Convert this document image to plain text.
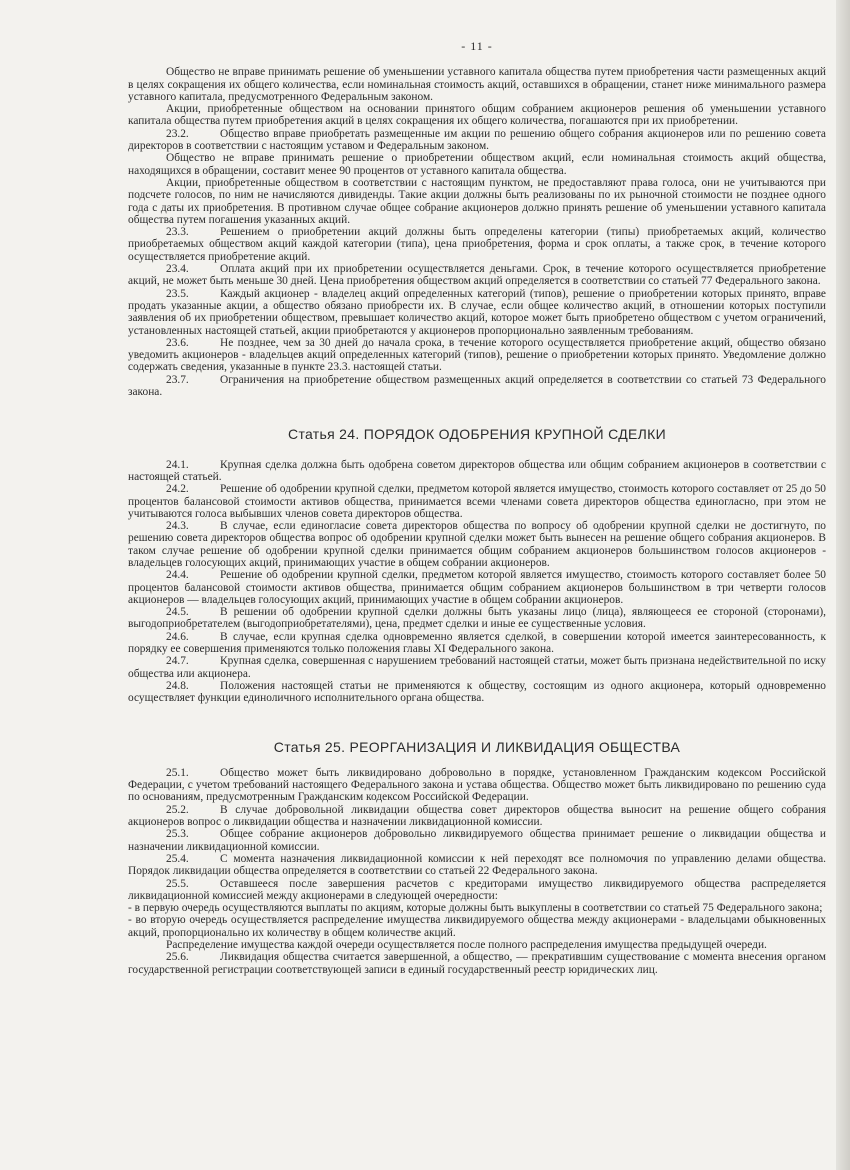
- 11 -

Общество не вправе принимать решение об уменьшении уставного капитала общества путем приобретения части размещенных акций в целях сокращения их общего количества, если номинальная стоимость акций, оставшихся в обращении, станет ниже минимального размера уставного капитала, предусмотренного Федеральным законом.

Акции, приобретенные обществом на основании принятого общим собранием акционеров решения об уменьшении уставного капитала общества путем приобретения акций в целях сокращения их общего количества, погашаются при их приобретении.

23.2.	Общество вправе приобретать размещенные им акции по решению общего собрания акционеров или по решению совета директоров в соответствии с настоящим уставом и Федеральным законом.

Общество не вправе принимать решение о приобретении обществом акций, если номинальная стоимость акций общества, находящихся в обращении, составит менее 90 процентов от уставного капитала общества.

Акции, приобретенные обществом в соответствии с настоящим пунктом, не предоставляют права голоса, они не учитываются при подсчете голосов, по ним не начисляются дивиденды. Такие акции должны быть реализованы по их рыночной стоимости не позднее одного года с даты их приобретения. В противном случае общее собрание акционеров должно принять решение об уменьшении уставного капитала общества путем погашения указанных акций.

23.3.	Решением о приобретении акций должны быть определены категории (типы) приобретаемых акций, количество приобретаемых обществом акций каждой категории (типа), цена приобретения, форма и срок оплаты, а также срок, в течение которого осуществляется приобретение акций.

23.4.	Оплата акций при их приобретении осуществляется деньгами. Срок, в течение которого осуществляется приобретение акций, не может быть меньше 30 дней. Цена приобретения обществом акций определяется в соответствии со статьей 77 Федерального закона.

23.5.	Каждый акционер - владелец акций определенных категорий (типов), решение о приобретении которых принято, вправе продать указанные акции, а общество обязано приобрести их. В случае, если общее количество акций, в отношении которых поступили заявления об их приобретении обществом, превышает количество акций, которое может быть приобретено обществом с учетом ограничений, установленных настоящей статьей, акции приобретаются у акционеров пропорционально заявленным требованиям.

23.6.	Не позднее, чем за 30 дней до начала срока, в течение которого осуществляется приобретение акций, общество обязано уведомить акционеров - владельцев акций определенных категорий (типов), решение о приобретении которых принято. Уведомление должно содержать сведения, указанные в пункте 23.3. настоящей статьи.

23.7.	Ограничения на приобретение обществом размещенных акций определяется в соответствии со статьей 73 Федерального закона.

Статья 24. ПОРЯДОК ОДОБРЕНИЯ КРУПНОЙ СДЕЛКИ

24.1.	Крупная сделка должна быть одобрена советом директоров общества или общим собранием акционеров в соответствии с настоящей статьей.

24.2.	Решение об одобрении крупной сделки, предметом которой является имущество, стоимость которого составляет от 25 до 50 процентов балансовой стоимости активов общества, принимается всеми членами совета директоров общества единогласно, при этом не учитываются голоса выбывших членов совета директоров общества.

24.3.	В случае, если единогласие совета директоров общества по вопросу об одобрении крупной сделки не достигнуто, по решению совета директоров общества вопрос об одобрении крупной сделки может быть вынесен на решение общего собрания акционеров. В таком случае решение об одобрении крупной сделки принимается общим собранием акционеров большинством голосов акционеров - владельцев голосующих акций, принимающих участие в общем собрании акционеров.

24.4.	Решение об одобрении крупной сделки, предметом которой является имущество, стоимость которого составляет более 50 процентов балансовой стоимости активов общества, принимается общим собранием акционеров большинством в три четверти голосов акционеров — владельцев голосующих акций, принимающих участие в общем собрании акционеров.

24.5.	В решении об одобрении крупной сделки должны быть указаны лицо (лица), являющееся ее стороной (сторонами), выгодоприобретателем (выгодоприобретателями), цена, предмет сделки и иные ее существенные условия.

24.6.	В случае, если крупная сделка одновременно является сделкой, в совершении которой имеется заинтересованность, к порядку ее совершения применяются только положения главы XI Федерального закона.

24.7.	Крупная сделка, совершенная с нарушением требований настоящей статьи, может быть признана недействительной по иску общества или акционера.

24.8.	Положения настоящей статьи не применяются к обществу, состоящим из одного акционера, который одновременно осуществляет функции единоличного исполнительного органа общества.

Статья 25. РЕОРГАНИЗАЦИЯ И ЛИКВИДАЦИЯ ОБЩЕСТВА

25.1.	Общество может быть ликвидировано добровольно в порядке, установленном Гражданским кодексом Российской Федерации, с учетом требований настоящего Федерального закона и устава общества. Общество может быть ликвидировано по решению суда по основаниям, предусмотренным Гражданским кодексом Российской Федерации.

25.2.	В случае добровольной ликвидации общества совет директоров общества выносит на решение общего собрания акционеров вопрос о ликвидации общества и назначении ликвидационной комиссии.

25.3.	Общее собрание акционеров добровольно ликвидируемого общества принимает решение о ликвидации общества и назначении ликвидационной комиссии.

25.4.	С момента назначения ликвидационной комиссии к ней переходят все полномочия по управлению делами общества. Порядок ликвидации общества определяется в соответствии со статьей 22 Федерального закона.

25.5.	Оставшееся после завершения расчетов с кредиторами имущество ликвидируемого общества распределяется ликвидационной комиссией между акционерами в следующей очередности:

- в первую очередь осуществляются выплаты по акциям, которые должны быть выкуплены в соответствии со статьей 75 Федерального закона;

- во вторую очередь осуществляется распределение имущества ликвидируемого общества между акционерами - владельцами обыкновенных акций, пропорционально их количеству в общем количестве акций.

Распределение имущества каждой очереди осуществляется после полного распределения имущества предыдущей очереди.

25.6.	Ликвидация общества считается завершенной, а общество, — прекратившим существование с момента внесения органом государственной регистрации соответствующей записи в единый государственный реестр юридических лиц.
